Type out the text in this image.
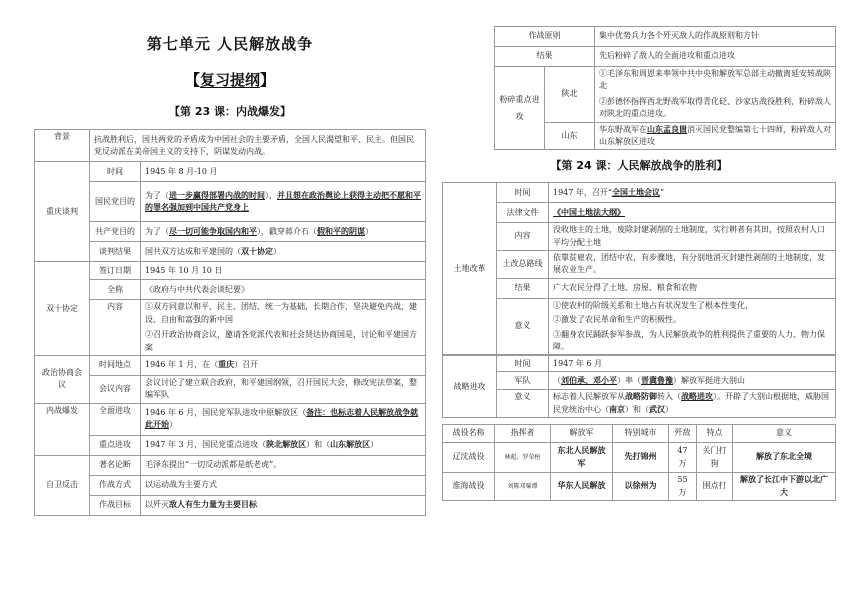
第七单元 人民解放战争
【复习提纲】
【第 23 课：内战爆发】
背景	抗战胜利后，国共两党的矛盾成为中国社会的主要矛盾，全国人民渴望和平、民主。但国民党反动派在美帝国主义的支持下，阴谋发动内战。	
重庆谈判	时间	1945 年 8 月-10 月
	国民党目的	为了（进一步赢得部署内战的时间），并且想在政治舆论上获得主动把不愿和平的罪名强加到中国共产党身上
	共产党目的	为了（尽一切可能争取国内和平），戳穿蒋介石（假和平的阴谋）
	谈判结果	国共双方达成和平建国的（双十协定）
双十协定	签订日期	1945 年 10 月 10 日
	全称	《政府与中共代表会谈纪要》
	内容	①双方同意以和平、民主、团结、统一为基础，长期合作，坚决避免内战，建设、自由和富强的新中国
②召开政治协商会议，邀请各党派代表和社会贤达协商国是，讨论和平建国方案

政治协商会议	时间地点	1946 年 1 月，在（重庆）召开
	会议内容	会议讨论了建立联合政府，和平建国纲领，召开国民大会，修改宪法草案，整编军队
内战爆发	全面进攻	1946 年 6 月，国民党军队进攻中原解放区（备注：也标志着人民解放战争就此开始）
	重点进攻	1947 年 3 月，国民党重点进攻（陕北解放区）和（山东解放区）
自卫反击	著名论断	毛泽东提出“一切反动派都是纸老虎”。
	作战方式	以运动战为主要方式
	作战目标	以歼灭敌人有生力量为主要目标
作战原则		集中优势兵力各个歼灭敌人的作战原则和方针
结果		先后粉碎了敌人的全面进攻和重点进攻
粉碎重点进攻	陕北	①毛泽东和周恩来率领中共中央和解放军总部主动撤离延安转战陕北
②彭德怀指挥西北野战军取得青化砭、沙家店战役胜利，粉碎敌人对陕北的重点进攻。

	山东	华东野战军在山东孟良崮消灭国民党整编第七十四师，粉碎敌人对山东解放区进攻
【第 24 课：人民解放战争的胜利】
土地改革	时间	1947 年，召开“全国土地会议”
	法律文件	《中国土地法大纲》
	内容	没收地主的土地，废除封建剥削的土地制度，实行耕者有其田，按照农村人口平均分配土地
	土改总路线	依靠贫雇农，团结中农，有步骤地，有分别地消灭封建性剥削的土地制度，发展农业生产。
	结果	广大农民分得了土地、房屋、粮食和农物
	意义	①使农村的阶级关系和土地占有状况发生了根本性变化，
②激发了农民革命和生产的积极性。
③翻身农民踊跃参军参战，为人民解放战争的胜利提供了重要的人力、物力保障。
战略进攻	时间	1947 年 6 月
	军队	（刘伯承、邓小平）率（晋冀鲁豫）解放军挺进大别山
	意义	标志着人民解放军从战略防御转入（战略进攻）。开辟了大别山根据地，威胁国民党统治中心（南京）和（武汉）
战役名称	指挥者	解放军	特别城市	歼敌	特点	意义
辽沈战役	林彪、罗荣桓	东北人民解放军	先打锦州	47 万	关门打狗	解放了东北全境
淮海战役	刘陈邓粟谭	华东人民解放	以徐州为	55 万	围点打	解放了长江中下游以北广大
